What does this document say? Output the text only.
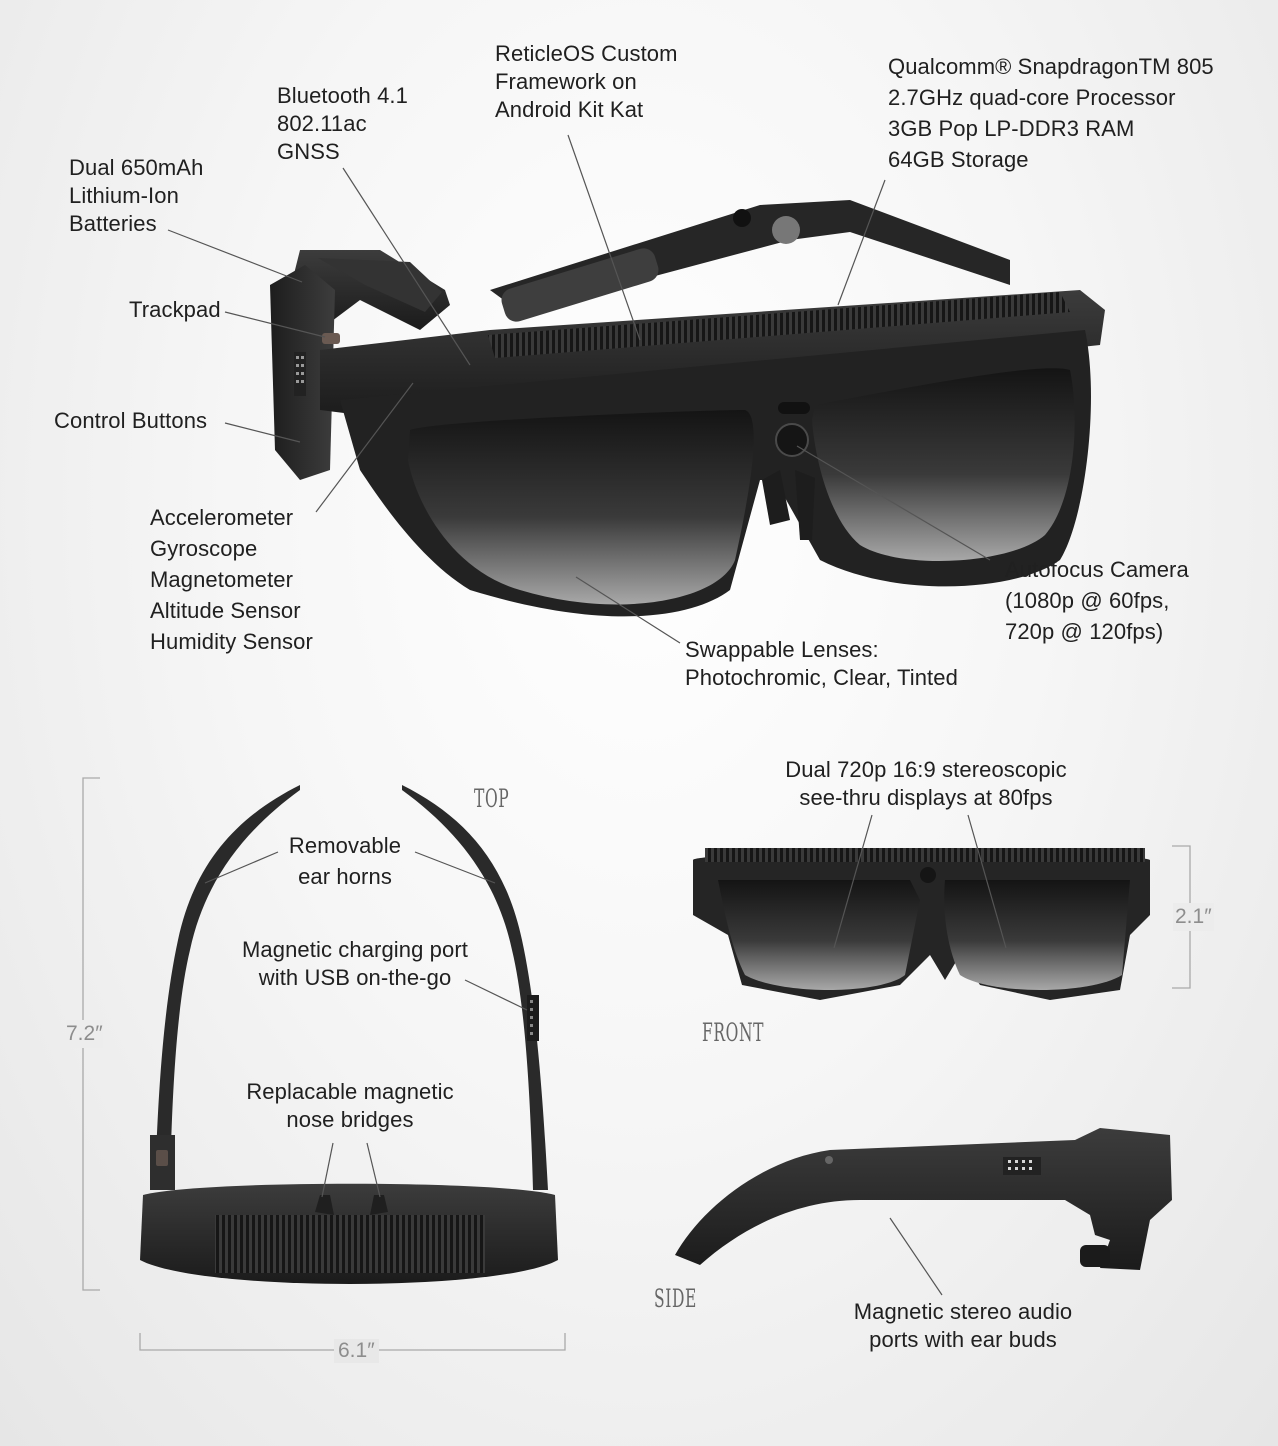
ReticleOS Custom
Framework on
Android Kit Kat
Bluetooth 4.1
802.11ac
GNSS
Qualcomm® SnapdragonTM 805
2.7GHz quad-core Processor
3GB Pop LP-DDR3 RAM
64GB Storage
Dual 650mAh
Lithium-Ion
Batteries
Trackpad
Control Buttons
Accelerometer
Gyroscope
Magnetometer
Altitude Sensor
Humidity Sensor
Autofocus Camera
(1080p @ 60fps,
720p @ 120fps)
Swappable Lenses:
Photochromic, Clear, Tinted
Dual 720p 16:9 stereoscopic
see-thru displays at 80fps
Removable
ear horns
Magnetic charging port
with USB on-the-go
Replacable magnetic
nose bridges
Magnetic stereo audio
ports with ear buds
TOP
FRONT
SIDE
7.2″
6.1″
2.1″
